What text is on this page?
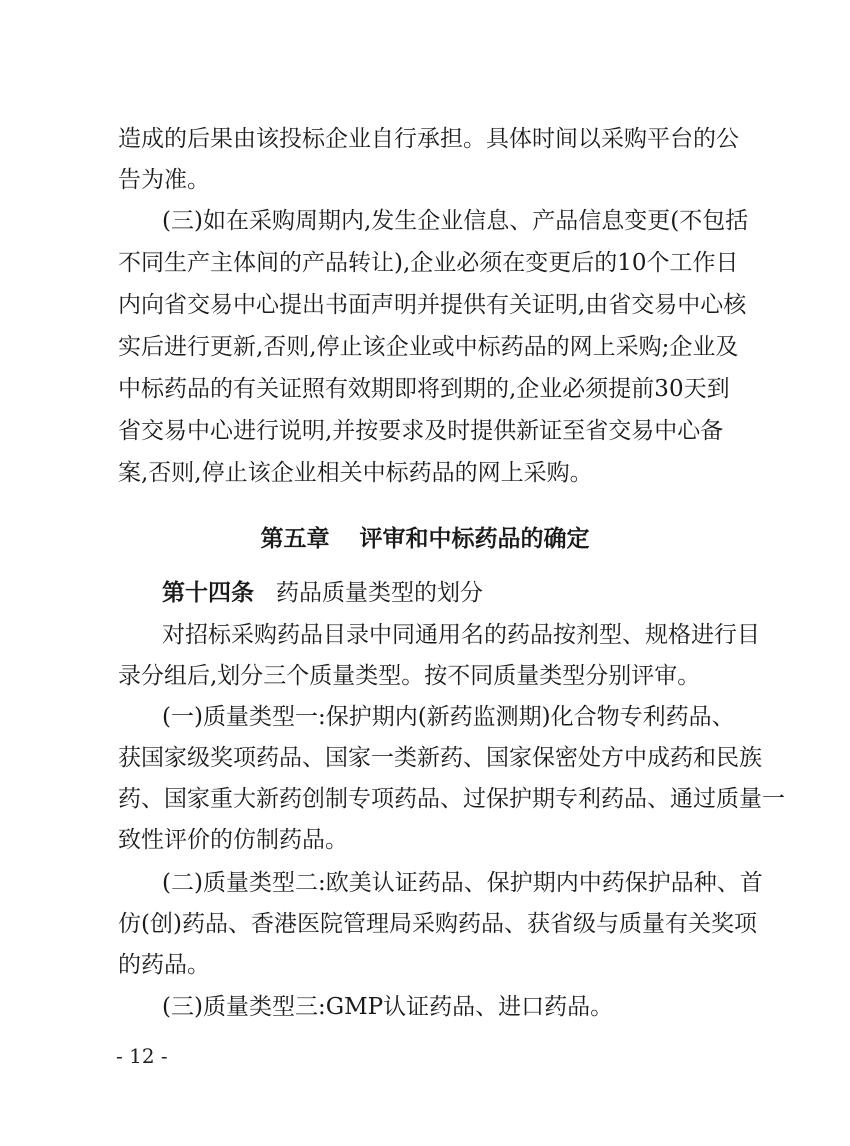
造成的后果由该投标企业自行承担。具体时间以采购平台的公
告为准。
(三)如在采购周期内,发生企业信息、产品信息变更(不包括
不同生产主体间的产品转让),企业必须在变更后的10个工作日
内向省交易中心提出书面声明并提供有关证明,由省交易中心核
实后进行更新,否则,停止该企业或中标药品的网上采购;企业及
中标药品的有关证照有效期即将到期的,企业必须提前30天到
省交易中心进行说明,并按要求及时提供新证至省交易中心备
案,否则,停止该企业相关中标药品的网上采购。
第五章 评审和中标药品的确定
第十四条 药品质量类型的划分
对招标采购药品目录中同通用名的药品按剂型、规格进行目
录分组后,划分三个质量类型。按不同质量类型分别评审。
(一)质量类型一:保护期内(新药监测期)化合物专利药品、
获国家级奖项药品、国家一类新药、国家保密处方中成药和民族
药、国家重大新药创制专项药品、过保护期专利药品、通过质量一
致性评价的仿制药品。
(二)质量类型二:欧美认证药品、保护期内中药保护品种、首
仿(创)药品、香港医院管理局采购药品、获省级与质量有关奖项
的药品。
(三)质量类型三:GMP认证药品、进口药品。
- 12 -
